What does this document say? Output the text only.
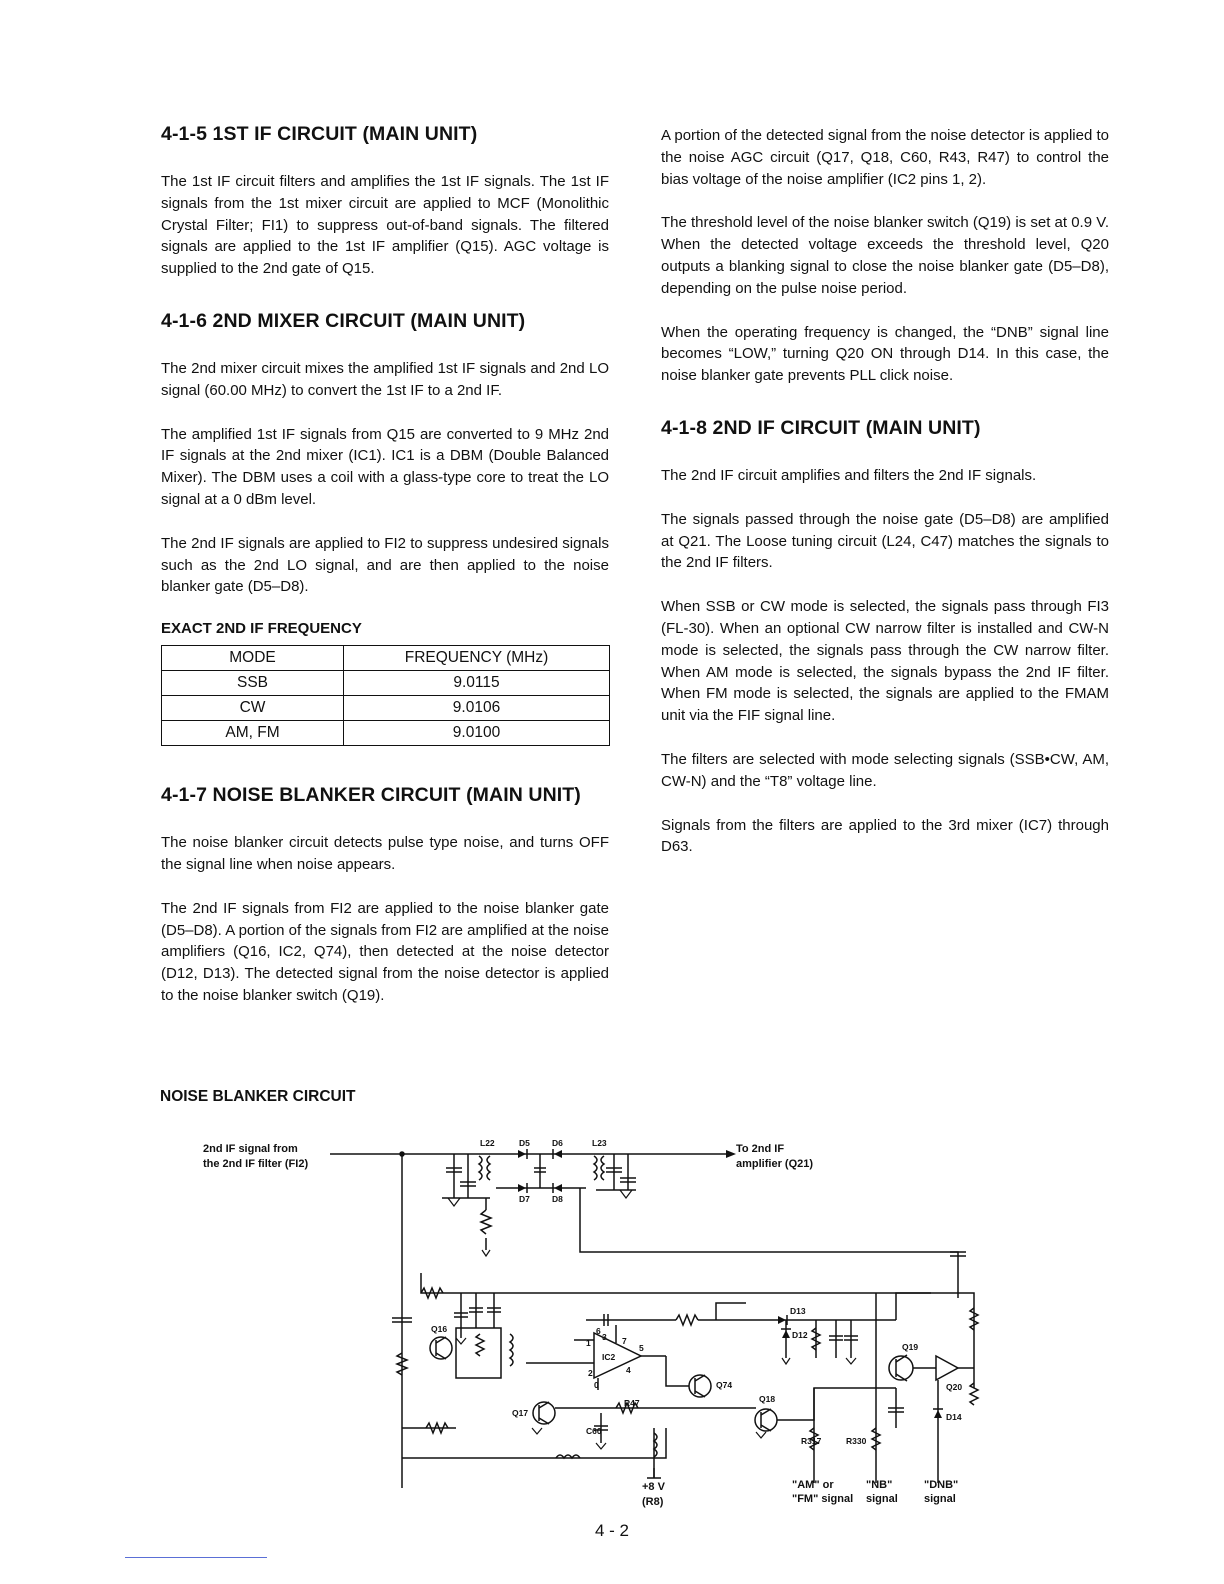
4-1-5 1ST IF CIRCUIT (MAIN UNIT)

The 1st IF circuit filters and amplifies the 1st IF signals. The 1st IF signals from the 1st mixer circuit are applied to MCF (Monolithic Crystal Filter; FI1) to suppress out-of-band signals. The filtered signals are applied to the 1st IF amplifier (Q15). AGC voltage is supplied to the 2nd gate of Q15.

4-1-6 2ND MIXER CIRCUIT (MAIN UNIT)

The 2nd mixer circuit mixes the amplified 1st IF signals and 2nd LO signal (60.00 MHz) to convert the 1st IF to a 2nd IF.

The amplified 1st IF signals from Q15 are converted to 9 MHz 2nd IF signals at the 2nd mixer (IC1). IC1 is a DBM (Double Balanced Mixer). The DBM uses a coil with a glass-type core to treat the LO signal at a 0 dBm level.

The 2nd IF signals are applied to FI2 to suppress undesired signals such as the 2nd LO signal, and are then applied to the noise blanker gate (D5–D8).

EXACT 2ND IF FREQUENCY
MODE	FREQUENCY (MHz)
SSB	9.0115
CW	9.0106
AM, FM	9.0100
4-1-7 NOISE BLANKER CIRCUIT (MAIN UNIT)

The noise blanker circuit detects pulse type noise, and turns OFF the signal line when noise appears.

The 2nd IF signals from FI2 are applied to the noise blanker gate (D5–D8). A portion of the signals from FI2 are amplified at the noise amplifiers (Q16, IC2, Q74), then detected at the noise detector (D12, D13). The detected signal from the noise detector is applied to the noise blanker switch (Q19).

A portion of the detected signal from the noise detector is applied to the noise AGC circuit (Q17, Q18, C60, R43, R47) to control the bias voltage of the noise amplifier (IC2 pins 1, 2).

The threshold level of the noise blanker switch (Q19) is set at 0.9 V. When the detected voltage exceeds the threshold level, Q20 outputs a blanking signal to close the noise blanker gate (D5–D8), depending on the pulse noise period.

When the operating frequency is changed, the “DNB” signal line becomes “LOW,” turning Q20 ON through D14. In this case, the noise blanker gate prevents PLL click noise.

4-1-8 2ND IF CIRCUIT (MAIN UNIT)

The 2nd IF circuit amplifies and filters the 2nd IF signals.

The signals passed through the noise gate (D5–D8) are amplified at Q21. The Loose tuning circuit (L24, C47) matches the signals to the 2nd IF filters.

When SSB or CW mode is selected, the signals pass through FI3 (FL-30). When an optional CW narrow filter is installed and CW-N mode is selected, the signals pass through the CW narrow filter. When AM mode is selected, the signals bypass the 2nd IF filter. When FM mode is selected, the signals are applied to the FMAM unit via the FIF signal line.

The filters are selected with mode selecting signals (SSB•CW, AM, CW-N) and the “T8” voltage line.

Signals from the filters are applied to the 3rd mixer (IC7) through D63.

NOISE BLANKER CIRCUIT
2nd IF signal from
the 2nd IF filter (FI2)
To 2nd IF
amplifier (Q21)
L22	D5	D6
D7	D8
L23
Q16
IC2
1
2
3
4
5
6
7
0	Q74
Q17
R47
C60
Q18
D13
D12
Q19
Q20
D14
R330
R317
+8 V
(R8)
"AM" or
"FM" signal
"NB"
signal
"DNB"
signal
4 - 2
